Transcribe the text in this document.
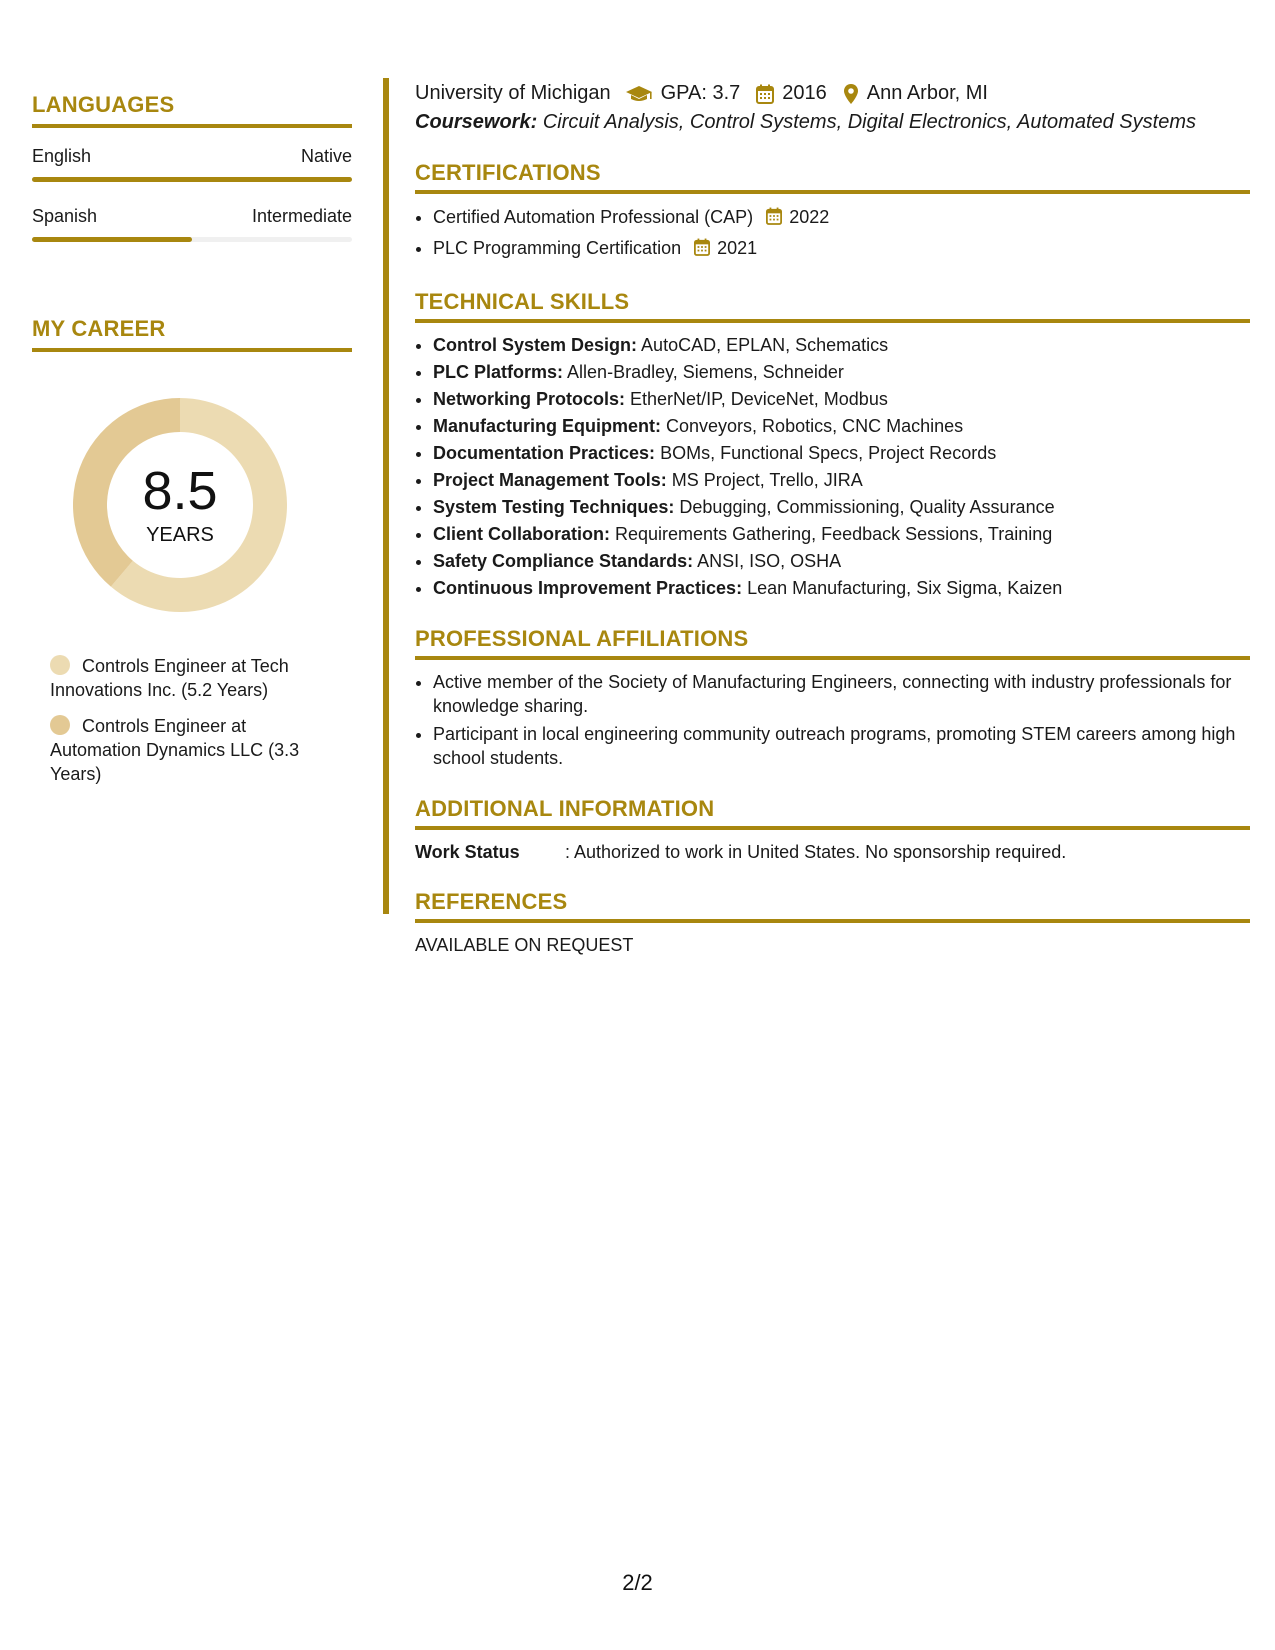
LANGUAGES
English	Native
Spanish	Intermediate
MY CAREER
8.5
YEARS
Controls Engineer at Tech Innovations Inc. (5.2 Years)
Controls Engineer at Automation Dynamics LLC (3.3 Years)
University of Michigan	GPA: 3.7 2016 Ann Arbor, MI
Coursework: Circuit Analysis, Control Systems, Digital Electronics, Automated Systems
CERTIFICATIONS
• Certified Automation Professional (CAP) 2022
• PLC Programming Certification 2021
TECHNICAL SKILLS
• Control System Design: AutoCAD, EPLAN, Schematics
• PLC Platforms: Allen-Bradley, Siemens, Schneider
• Networking Protocols: EtherNet/IP, DeviceNet, Modbus
• Manufacturing Equipment: Conveyors, Robotics, CNC Machines
• Documentation Practices: BOMs, Functional Specs, Project Records
• Project Management Tools: MS Project, Trello, JIRA
• System Testing Techniques: Debugging, Commissioning, Quality Assurance
• Client Collaboration: Requirements Gathering, Feedback Sessions, Training
• Safety Compliance Standards: ANSI, ISO, OSHA
• Continuous Improvement Practices: Lean Manufacturing, Six Sigma, Kaizen
PROFESSIONAL AFFILIATIONS
• Active member of the Society of Manufacturing Engineers, connecting with industry professionals for knowledge sharing.
• Participant in local engineering community outreach programs, promoting STEM careers among high school students.
ADDITIONAL INFORMATION
Work Status	: Authorized to work in United States. No sponsorship required.
REFERENCES
AVAILABLE ON REQUEST
2/2
